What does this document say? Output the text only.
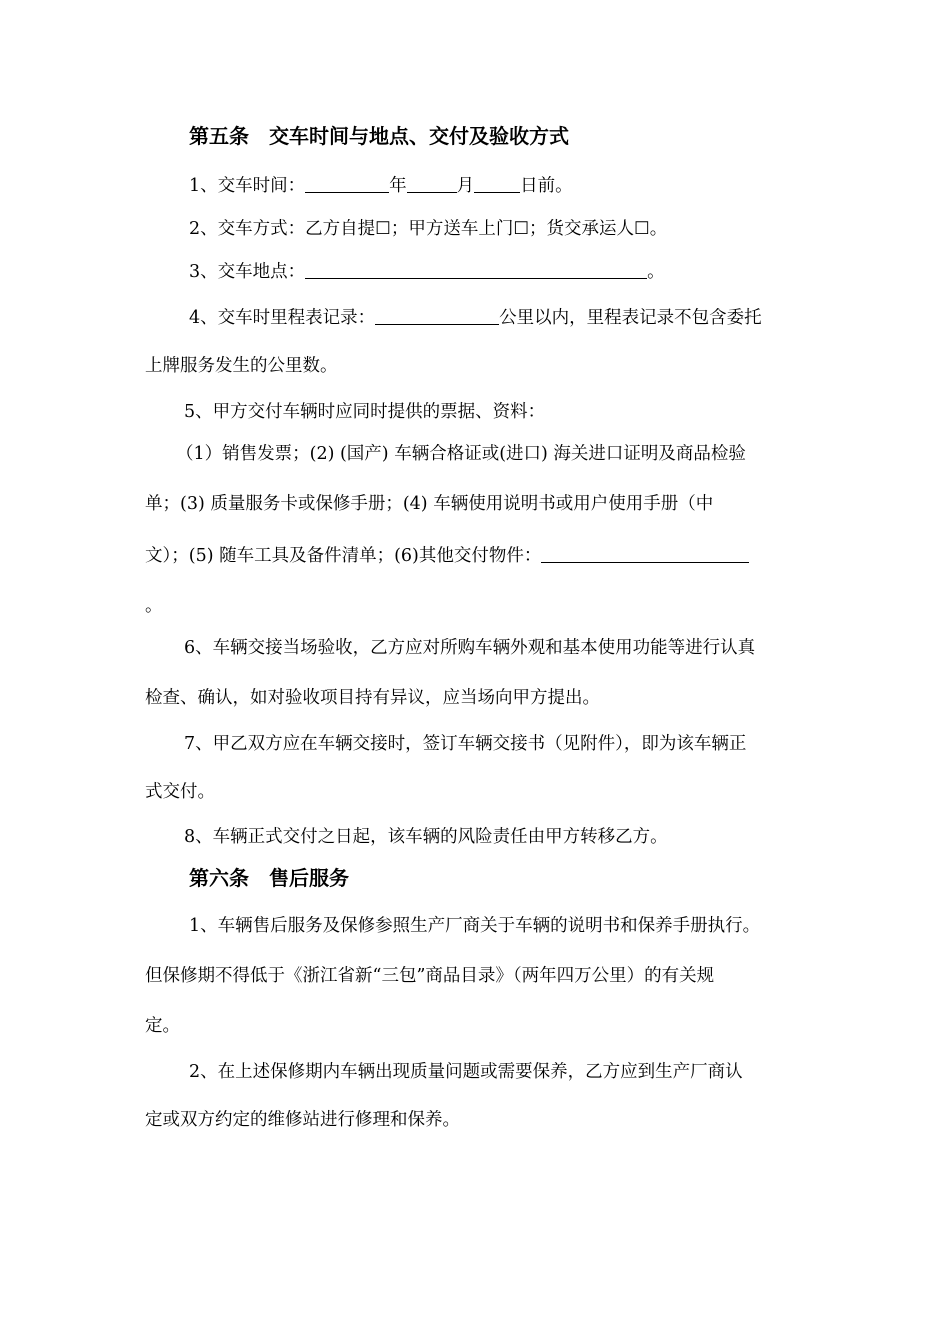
第五条 交车时间与地点、交付及验收方式
1、交车时间：	年	月	日前。
2、交车方式：乙方自提☐；甲方送车上门☐；货交承运人☐。
3、交车地点：	。
4、交车时里程表记录：	公里以内，里程表记录不包含委托
上牌服务发生的公里数。
5、甲方交付车辆时应同时提供的票据、资料：
（1）销售发票；(2) (国产) 车辆合格证或(进口) 海关进口证明及商品检验
单；(3) 质量服务卡或保修手册；(4) 车辆使用说明书或用户使用手册（中
文）；(5) 随车工具及备件清单；(6)其他交付物件：
。
6、车辆交接当场验收，乙方应对所购车辆外观和基本使用功能等进行认真
检查、确认，如对验收项目持有异议，应当场向甲方提出。
7、甲乙双方应在车辆交接时，签订车辆交接书（见附件），即为该车辆正
式交付。
8、车辆正式交付之日起，该车辆的风险责任由甲方转移乙方。
第六条 售后服务
1、车辆售后服务及保修参照生产厂商关于车辆的说明书和保养手册执行。
但保修期不得低于《浙江省新“三包”商品目录》（两年四万公里）的有关规
定。
2、在上述保修期内车辆出现质量问题或需要保养，乙方应到生产厂商认
定或双方约定的维修站进行修理和保养。
